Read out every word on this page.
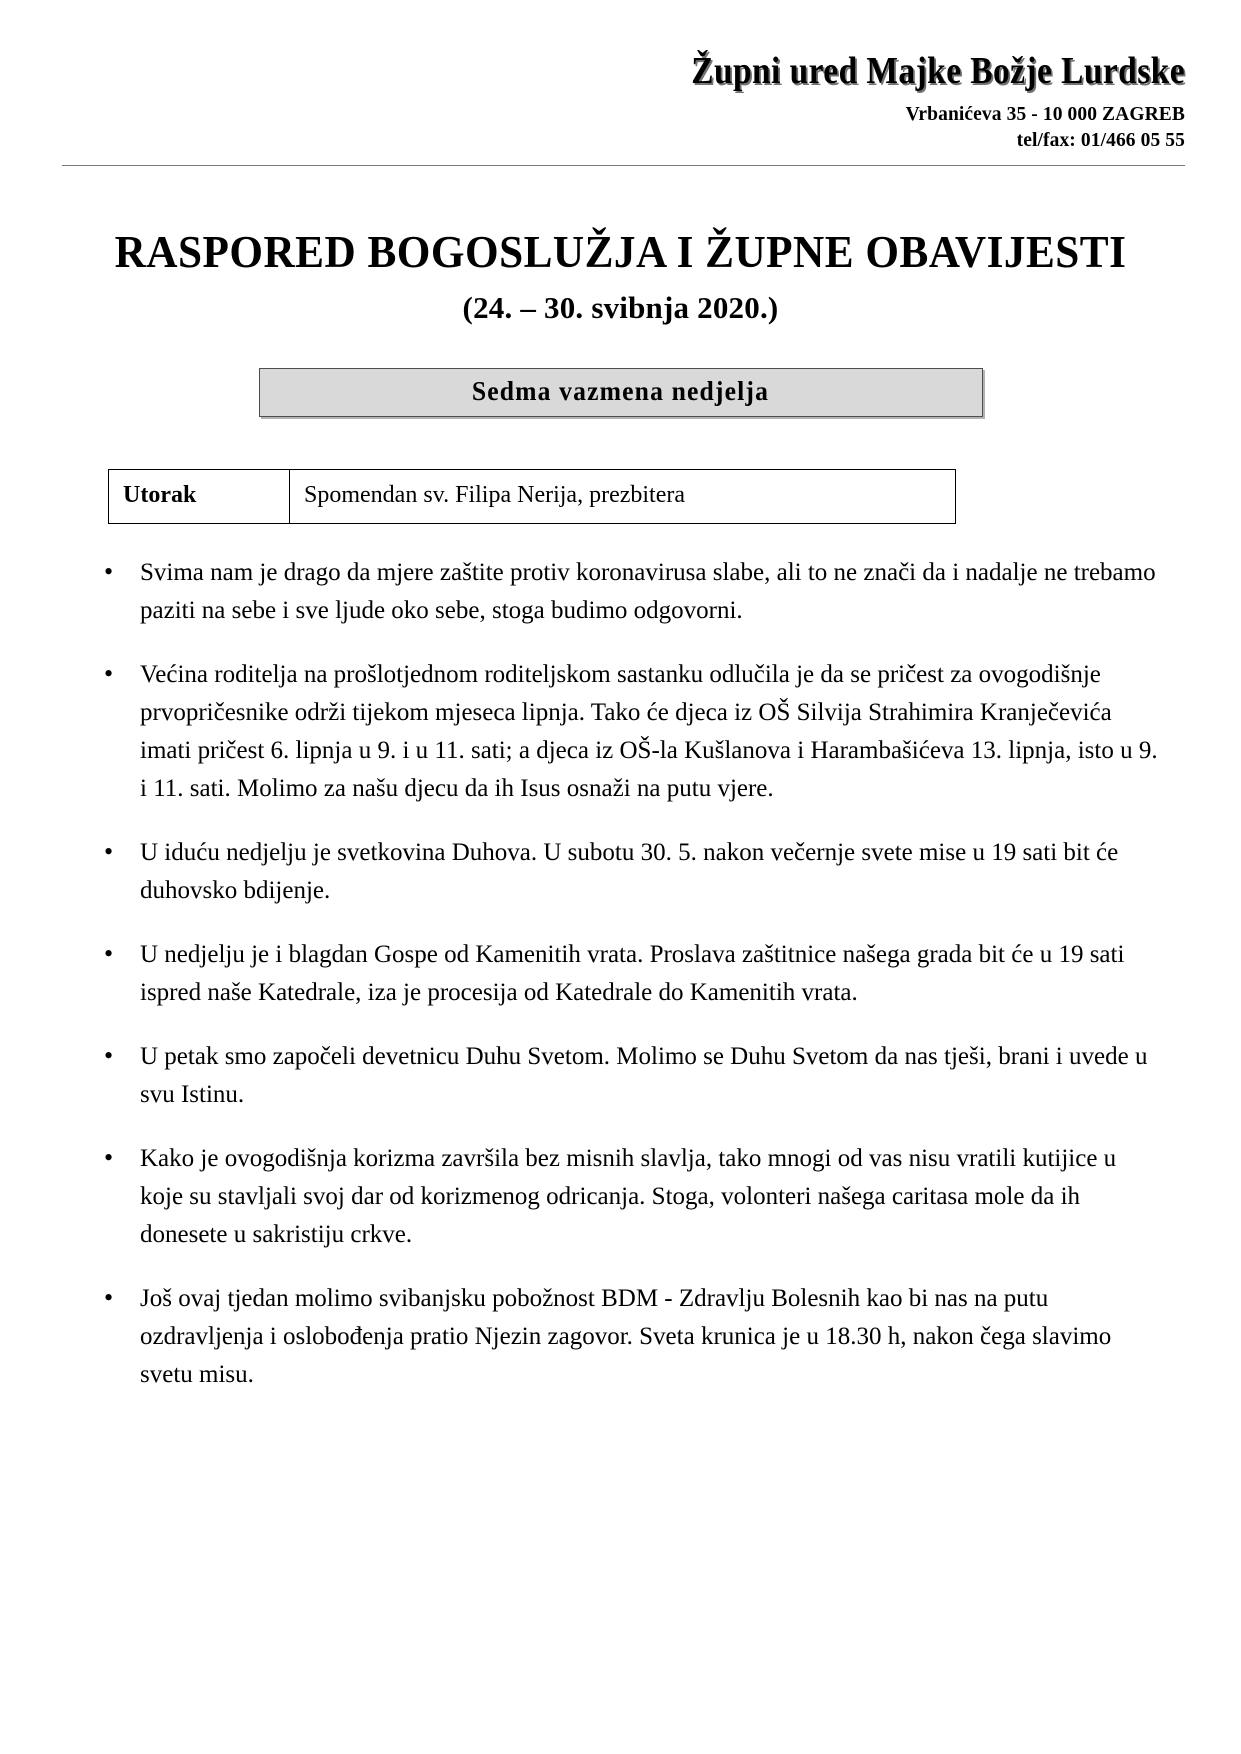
Župni ured Majke Božje Lurdske
Vrbanićeva 35 - 10 000 ZAGREB
tel/fax: 01/466 05 55
RASPORED BOGOSLUŽJA I ŽUPNE OBAVIJESTI
(24. – 30. svibnja 2020.)
Sedma vazmena nedjelja
Utorak	Spomendan sv. Filipa Nerija, prezbitera
• Svima nam je drago da mjere zaštite protiv koronavirusa slabe, ali to ne znači da i nadalje ne trebamo paziti na sebe i sve ljude oko sebe, stoga budimo odgovorni.
• Većina roditelja na prošlotjednom roditeljskom sastanku odlučila je da se pričest za ovogodišnje prvopričesnike održi tijekom mjeseca lipnja. Tako će djeca iz OŠ Silvija Strahimira Kranječevića imati pričest 6. lipnja u 9. i u 11. sati; a djeca iz OŠ-la Kušlanova i Harambašićeva 13. lipnja, isto u 9. i 11. sati. Molimo za našu djecu da ih Isus osnaži na putu vjere.
• U iduću nedjelju je svetkovina Duhova. U subotu 30. 5. nakon večernje svete mise u 19 sati bit će duhovsko bdijenje.
• U nedjelju je i blagdan Gospe od Kamenitih vrata. Proslava zaštitnice našega grada bit će u 19 sati ispred naše Katedrale, iza je procesija od Katedrale do Kamenitih vrata.
• U petak smo započeli devetnicu Duhu Svetom. Molimo se Duhu Svetom da nas tješi, brani i uvede u svu Istinu.
• Kako je ovogodišnja korizma završila bez misnih slavlja, tako mnogi od vas nisu vratili kutijice u koje su stavljali svoj dar od korizmenog odricanja. Stoga, volonteri našega caritasa mole da ih donesete u sakristiju crkve.
• Još ovaj tjedan molimo svibanjsku pobožnost BDM - Zdravlju Bolesnih kao bi nas na putu ozdravljenja i oslobođenja pratio Njezin zagovor. Sveta krunica je u 18.30 h, nakon čega slavimo svetu misu.
